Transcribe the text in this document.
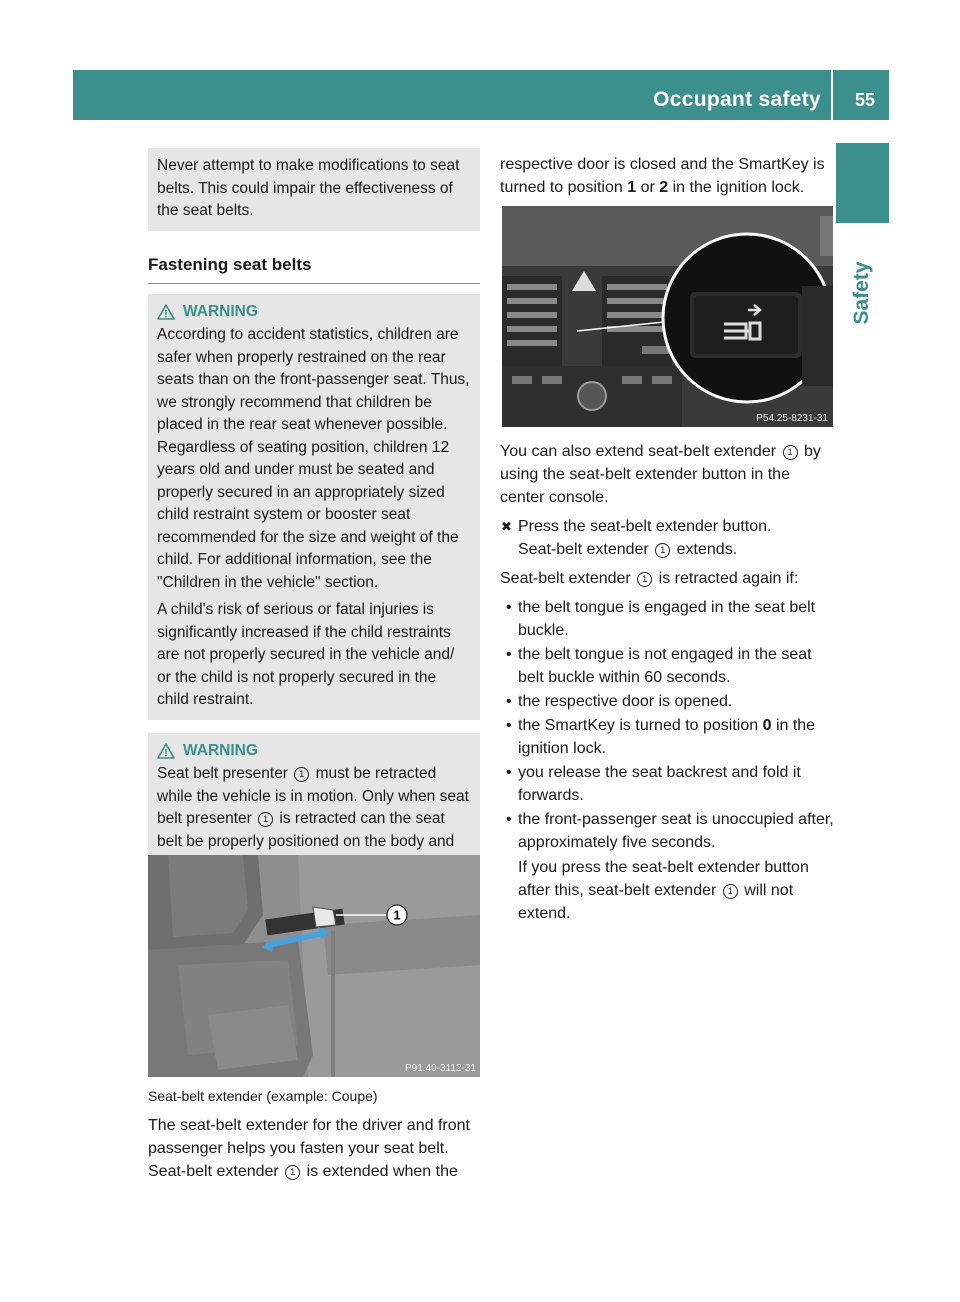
Occupant safety 55
Safety

Never attempt to make modifications to seat belts. This could impair the effectiveness of the seat belts.

Fastening seat belts
WARNING

According to accident statistics, children are safer when properly restrained on the rear seats than on the front-passenger seat. Thus, we strongly recommend that children be placed in the rear seat whenever possible. Regardless of seating position, children 12 years old and under must be seated and properly secured in an appropriately sized child restraint system or booster seat recommended for the size and weight of the child. For additional information, see the "Children in the vehicle" section.

A child's risk of serious or fatal injuries is significantly increased if the child restraints are not properly secured in the vehicle and/ or the child is not properly secured in the child restraint.

WARNING

Seat belt presenter 1 must be retracted while the vehicle is in motion. Only when seat belt presenter 1 is retracted can the seat belt be properly positioned on the body and

1
P91.40-3112-31
Seat-belt extender (example: Coupe)
The seat-belt extender for the driver and front passenger helps you fasten your seat belt.
Seat-belt extender 1 is extended when the
respective door is closed and the SmartKey is turned to position 1 or 2 in the ignition lock.
P54.25-8231-31
You can also extend seat-belt extender 1 by using the seat-belt extender button in the center console.
✖ Press the seat-belt extender button.
Seat-belt extender 1 extends.
Seat-belt extender 1 is retracted again if:
• the belt tongue is engaged in the seat belt buckle.
• the belt tongue is not engaged in the seat belt buckle within 60 seconds.
• the respective door is opened.
• the SmartKey is turned to position 0 in the ignition lock.
• you release the seat backrest and fold it forwards.
• the front-passenger seat is unoccupied after, approximately five seconds.
If you press the seat-belt extender button after this, seat-belt extender 1 will not extend.
